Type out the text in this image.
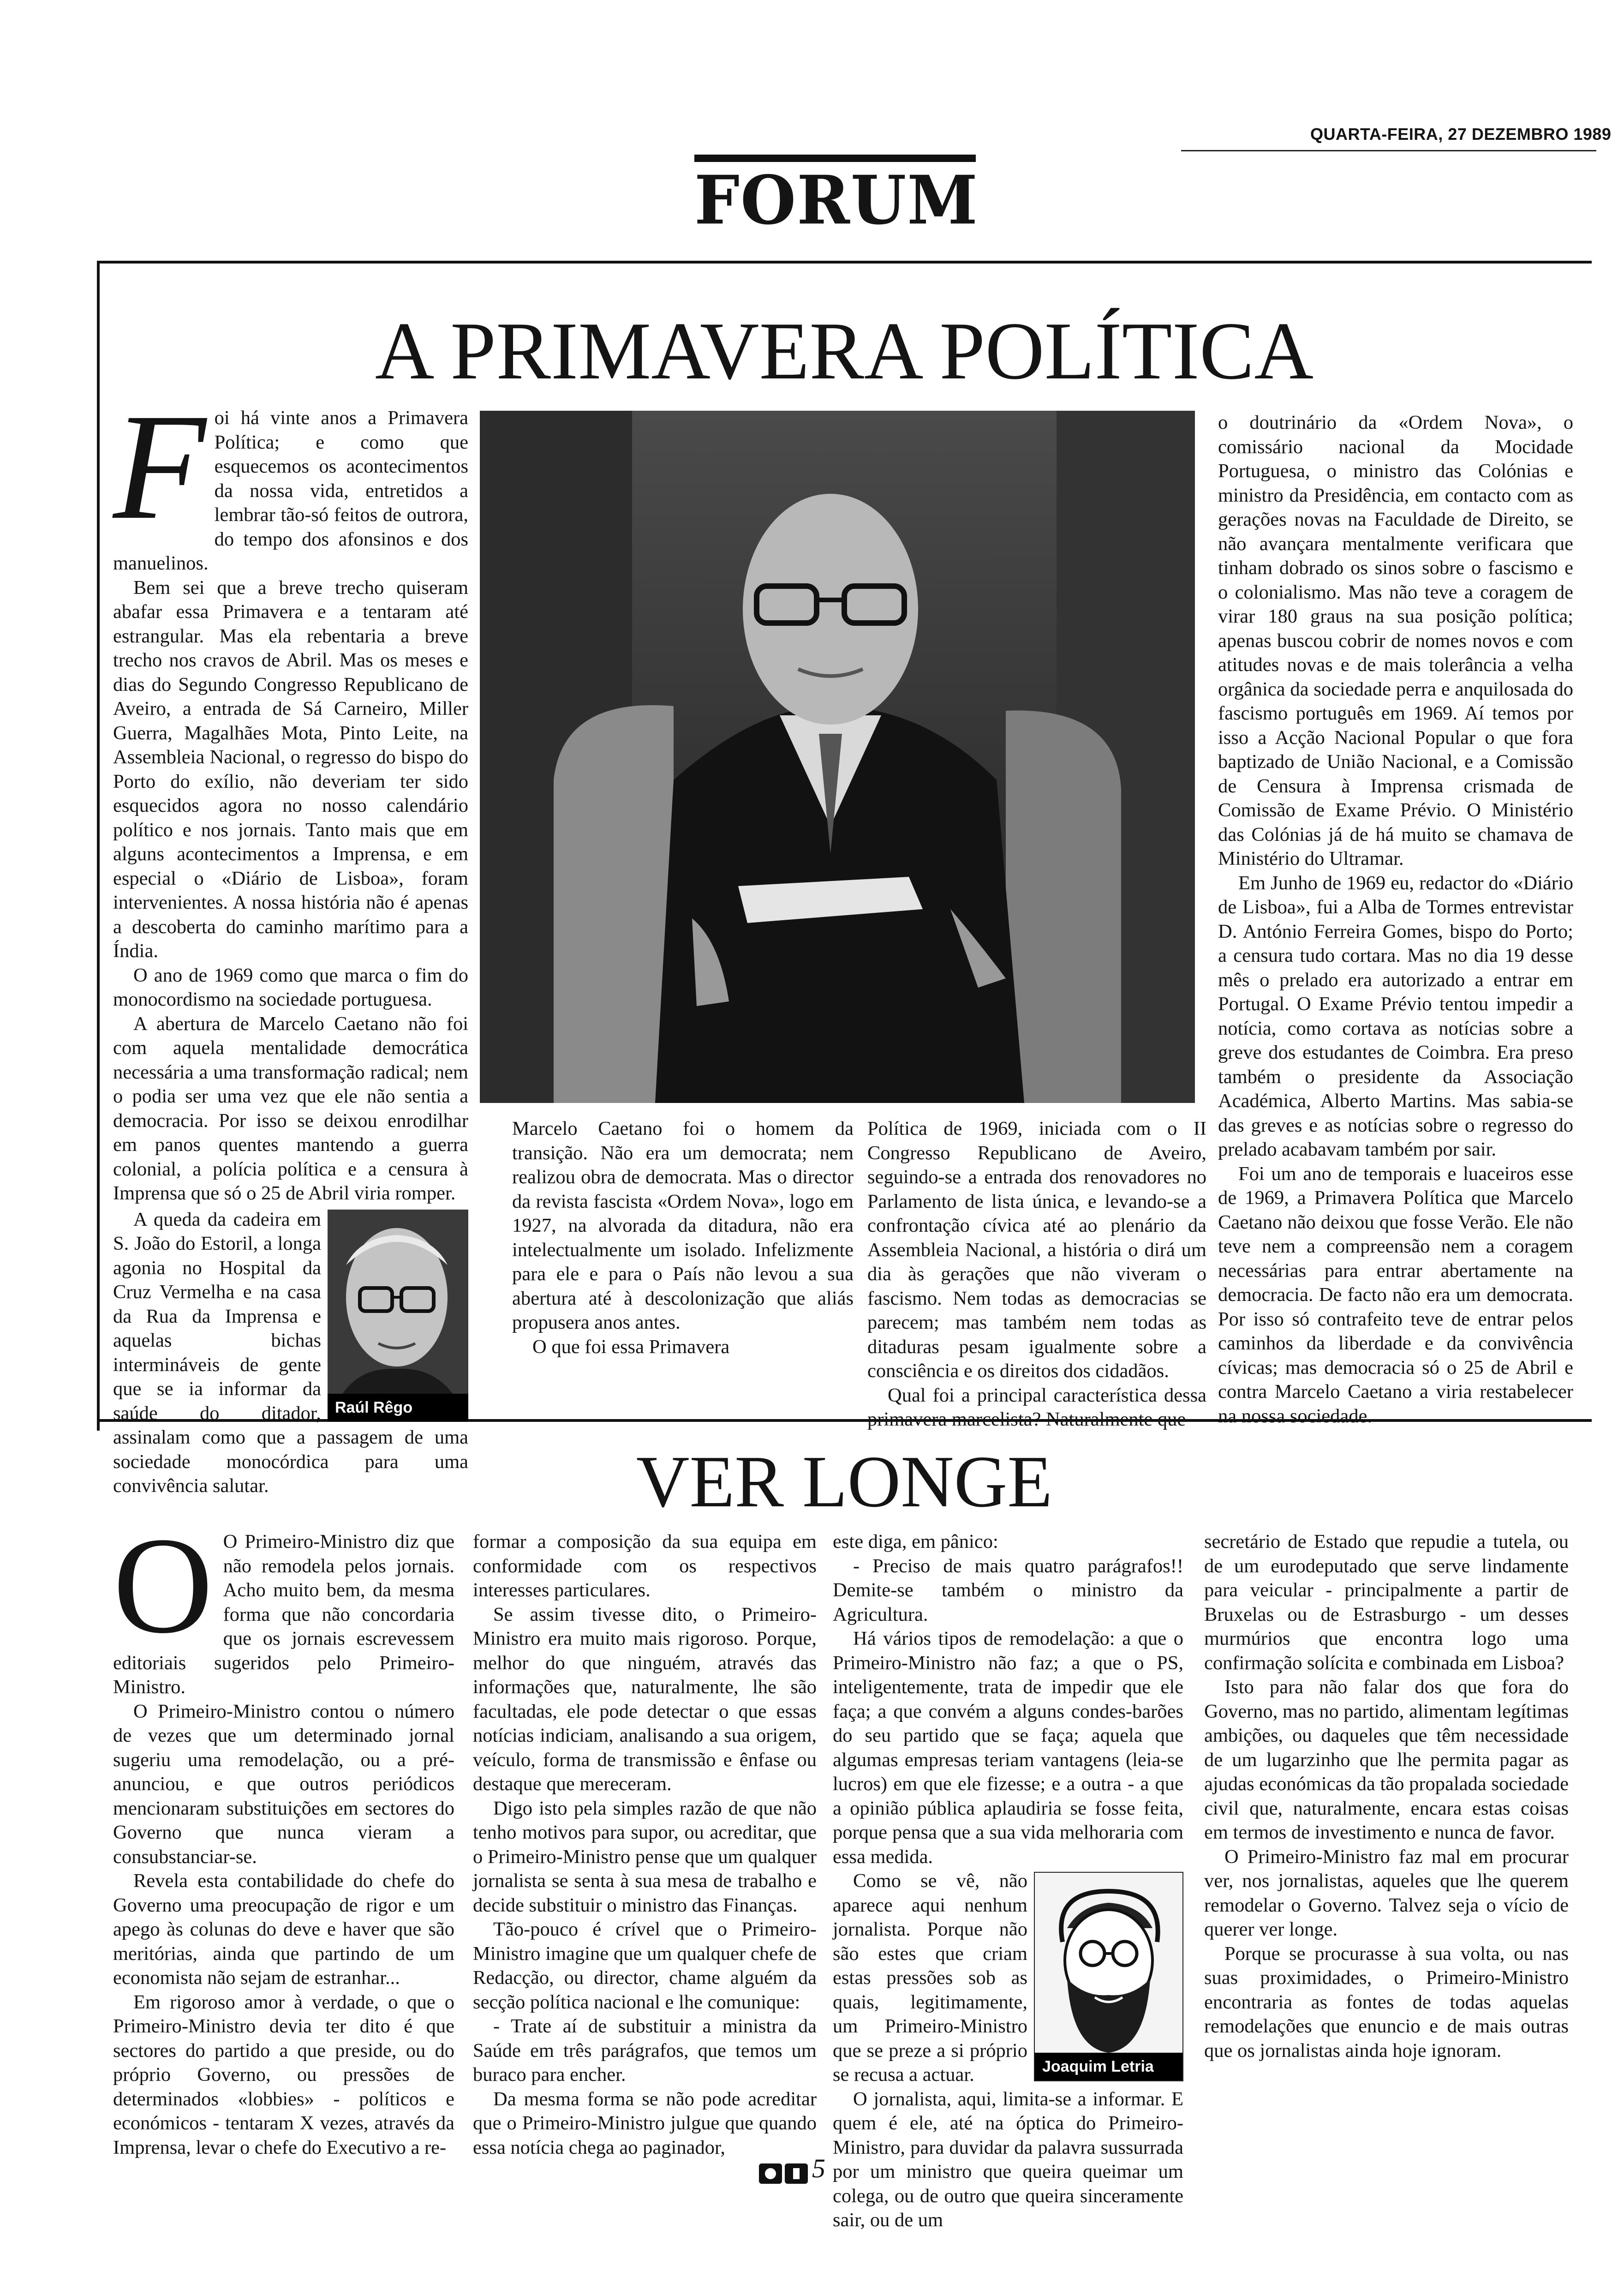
QUARTA-FEIRA, 27 DEZEMBRO 1989
FORUM
A PRIMAVERA POLÍTICA
F oi há vinte anos a Primavera Política; e como que esquecemos os acontecimentos da nossa vida, entretidos a lembrar tão-só feitos de outrora, do tempo dos afonsinos e dos manuelinos.

Bem sei que a breve trecho quiseram abafar essa Primavera e a tentaram até estrangular. Mas ela rebentaria a breve trecho nos cravos de Abril. Mas os meses e dias do Segundo Congresso Republicano de Aveiro, a entrada de Sá Carneiro, Miller Guerra, Magalhães Mota, Pinto Leite, na Assembleia Nacional, o regresso do bispo do Porto do exílio, não deveriam ter sido esquecidos agora no nosso calendário político e nos jornais. Tanto mais que em alguns acontecimentos a Imprensa, e em especial o «Diário de Lisboa», foram intervenientes. A nossa história não é apenas a descoberta do caminho marítimo para a Índia.

O ano de 1969 como que marca o fim do monocordismo na sociedade portuguesa.

A abertura de Marcelo Caetano não foi com aquela mentalidade democrática necessária a uma transformação radical; nem o podia ser uma vez que ele não sentia a democracia. Por isso se deixou enrodilhar em panos quentes mantendo a guerra colonial, a polícia política e a censura à Imprensa que só o 25 de Abril viria romper.

Raúl Rêgo

A queda da cadeira em S. João do Estoril, a longa agonia no Hospital da Cruz Vermelha e na casa da Rua da Imprensa e aquelas bichas intermináveis de gente que se ia informar da saúde do ditador, assinalam como que a passagem de uma sociedade monocórdica para uma convivência salutar.

Marcelo Caetano foi o homem da transição. Não era um democrata; nem realizou obra de democrata. Mas o director da revista fascista «Ordem Nova», logo em 1927, na alvorada da ditadura, não era intelectualmente um isolado. Infelizmente para ele e para o País não levou a sua abertura até à descolonização que aliás propusera anos antes.

O que foi essa Primavera

Política de 1969, iniciada com o II Congresso Republicano de Aveiro, seguindo-se a entrada dos renovadores no Parlamento de lista única, e levando-se a confrontação cívica até ao plenário da Assembleia Nacional, a história o dirá um dia às gerações que não viveram o fascismo. Nem todas as democracias se parecem; mas também nem todas as ditaduras pesam igualmente sobre a consciência e os direitos dos cidadãos.

Qual foi a principal característica dessa primavera marcelista? Naturalmente que

o doutrinário da «Ordem Nova», o comissário nacional da Mocidade Portuguesa, o ministro das Colónias e ministro da Presidência, em contacto com as gerações novas na Faculdade de Direito, se não avançara mentalmente verificara que tinham dobrado os sinos sobre o fascismo e o colonialismo. Mas não teve a coragem de virar 180 graus na sua posição política; apenas buscou cobrir de nomes novos e com atitudes novas e de mais tolerância a velha orgânica da sociedade perra e anquilosada do fascismo português em 1969. Aí temos por isso a Acção Nacional Popular o que fora baptizado de União Nacional, e a Comissão de Censura à Imprensa crismada de Comissão de Exame Prévio. O Ministério das Colónias já de há muito se chamava de Ministério do Ultramar.

Em Junho de 1969 eu, redactor do «Diário de Lisboa», fui a Alba de Tormes entrevistar D. António Ferreira Gomes, bispo do Porto; a censura tudo cortara. Mas no dia 19 desse mês o prelado era autorizado a entrar em Portugal. O Exame Prévio tentou impedir a notícia, como cortava as notícias sobre a greve dos estudantes de Coimbra. Era preso também o presidente da Associação Académica, Alberto Martins. Mas sabia-se das greves e as notícias sobre o regresso do prelado acabavam também por sair.

Foi um ano de temporais e luaceiros esse de 1969, a Primavera Política que Marcelo Caetano não deixou que fosse Verão. Ele não teve nem a compreensão nem a coragem necessárias para entrar abertamente na democracia. De facto não era um democrata. Por isso só contrafeito teve de entrar pelos caminhos da liberdade e da convivência cívicas; mas democracia só o 25 de Abril e contra Marcelo Caetano a viria restabelecer na nossa sociedade.

VER LONGE
O O Primeiro-Ministro diz que não remodela pelos jornais. Acho muito bem, da mesma forma que não concordaria que os jornais escrevessem editoriais sugeridos pelo Primeiro-Ministro.

O Primeiro-Ministro contou o número de vezes que um determinado jornal sugeriu uma remodelação, ou a pré-anunciou, e que outros periódicos mencionaram substituições em sectores do Governo que nunca vieram a consubstanciar-se.

Revela esta contabilidade do chefe do Governo uma preocupação de rigor e um apego às colunas do deve e haver que são meritórias, ainda que partindo de um economista não sejam de estranhar...

Em rigoroso amor à verdade, o que o Primeiro-Ministro devia ter dito é que sectores do partido a que preside, ou do próprio Governo, ou pressões de determinados «lobbies» - políticos e económicos - tentaram X vezes, através da Imprensa, levar o chefe do Executivo a re-

formar a composição da sua equipa em conformidade com os respectivos interesses particulares.

Se assim tivesse dito, o Primeiro-Ministro era muito mais rigoroso. Porque, melhor do que ninguém, através das informações que, naturalmente, lhe são facultadas, ele pode detectar o que essas notícias indiciam, analisando a sua origem, veículo, forma de transmissão e ênfase ou destaque que mereceram.

Digo isto pela simples razão de que não tenho motivos para supor, ou acreditar, que o Primeiro-Ministro pense que um qualquer jornalista se senta à sua mesa de trabalho e decide substituir o ministro das Finanças.

Tão-pouco é crível que o Primeiro-Ministro imagine que um qualquer chefe de Redacção, ou director, chame alguém da secção política nacional e lhe comunique:

- Trate aí de substituir a ministra da Saúde em três parágrafos, que temos um buraco para encher.

Da mesma forma se não pode acreditar que o Primeiro-Ministro julgue que quando essa notícia chega ao paginador,

este diga, em pânico:

- Preciso de mais quatro parágrafos!! Demite-se também o ministro da Agricultura.

Há vários tipos de remodelação: a que o Primeiro-Ministro não faz; a que o PS, inteligentemente, trata de impedir que ele faça; a que convém a alguns condes-barões do seu partido que se faça; aquela que algumas empresas teriam vantagens (leia-se lucros) em que ele fizesse; e a outra - a que a opinião pública aplaudiria se fosse feita, porque pensa que a sua vida melhoraria com essa medida.

Joaquim Letria

Como se vê, não aparece aqui nenhum jornalista. Porque não são estes que criam estas pressões sob as quais, legitimamente, um Primeiro-Ministro que se preze a si próprio se recusa a actuar.

O jornalista, aqui, limita-se a informar. E quem é ele, até na óptica do Primeiro-Ministro, para duvidar da palavra sussurrada por um ministro que queira queimar um colega, ou de outro que queira sinceramente sair, ou de um

secretário de Estado que repudie a tutela, ou de um eurodeputado que serve lindamente para veicular - principalmente a partir de Bruxelas ou de Estrasburgo - um desses murmúrios que encontra logo uma confirmação solícita e combinada em Lisboa?

Isto para não falar dos que fora do Governo, mas no partido, alimentam legítimas ambições, ou daqueles que têm necessidade de um lugarzinho que lhe permita pagar as ajudas económicas da tão propalada sociedade civil que, naturalmente, encara estas coisas em termos de investimento e nunca de favor.

O Primeiro-Ministro faz mal em procurar ver, nos jornalistas, aqueles que lhe querem remodelar o Governo. Talvez seja o vício de querer ver longe.

Porque se procurasse à sua volta, ou nas suas proximidades, o Primeiro-Ministro encontraria as fontes de todas aquelas remodelações que enuncio e de mais outras que os jornalistas ainda hoje ignoram.

5
